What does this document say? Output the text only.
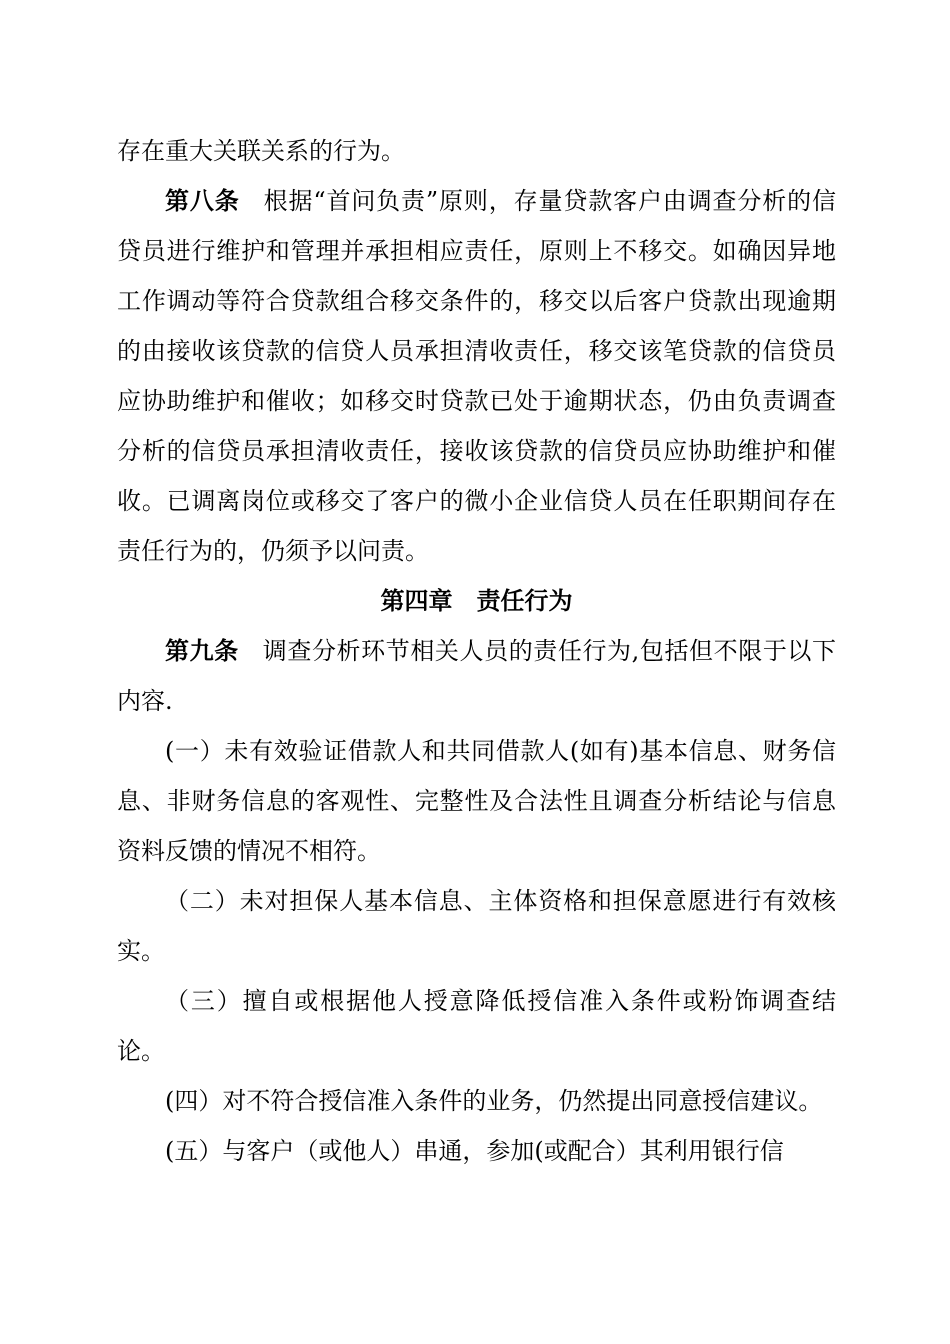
存在重大关联关系的行为。

第八条 根据“首问负责”原则，存量贷款客户由调查分析的信贷员进行维护和管理并承担相应责任，原则上不移交。如确因异地工作调动等符合贷款组合移交条件的，移交以后客户贷款出现逾期的由接收该贷款的信贷人员承担清收责任，移交该笔贷款的信贷员应协助维护和催收；如移交时贷款已处于逾期状态，仍由负责调查分析的信贷员承担清收责任，接收该贷款的信贷员应协助维护和催收。已调离岗位或移交了客户的微小企业信贷人员在任职期间存在责任行为的，仍须予以问责。

第四章 责任行为

第九条 调查分析环节相关人员的责任行为,包括但不限于以下内容.

(一）未有效验证借款人和共同借款人(如有)基本信息、财务信息、非财务信息的客观性、完整性及合法性且调查分析结论与信息资料反馈的情况不相符。

（二）未对担保人基本信息、主体资格和担保意愿进行有效核实。

（三）擅自或根据他人授意降低授信准入条件或粉饰调查结论。

(四）对不符合授信准入条件的业务，仍然提出同意授信建议。

(五）与客户（或他人）串通，参加(或配合）其利用银行信
